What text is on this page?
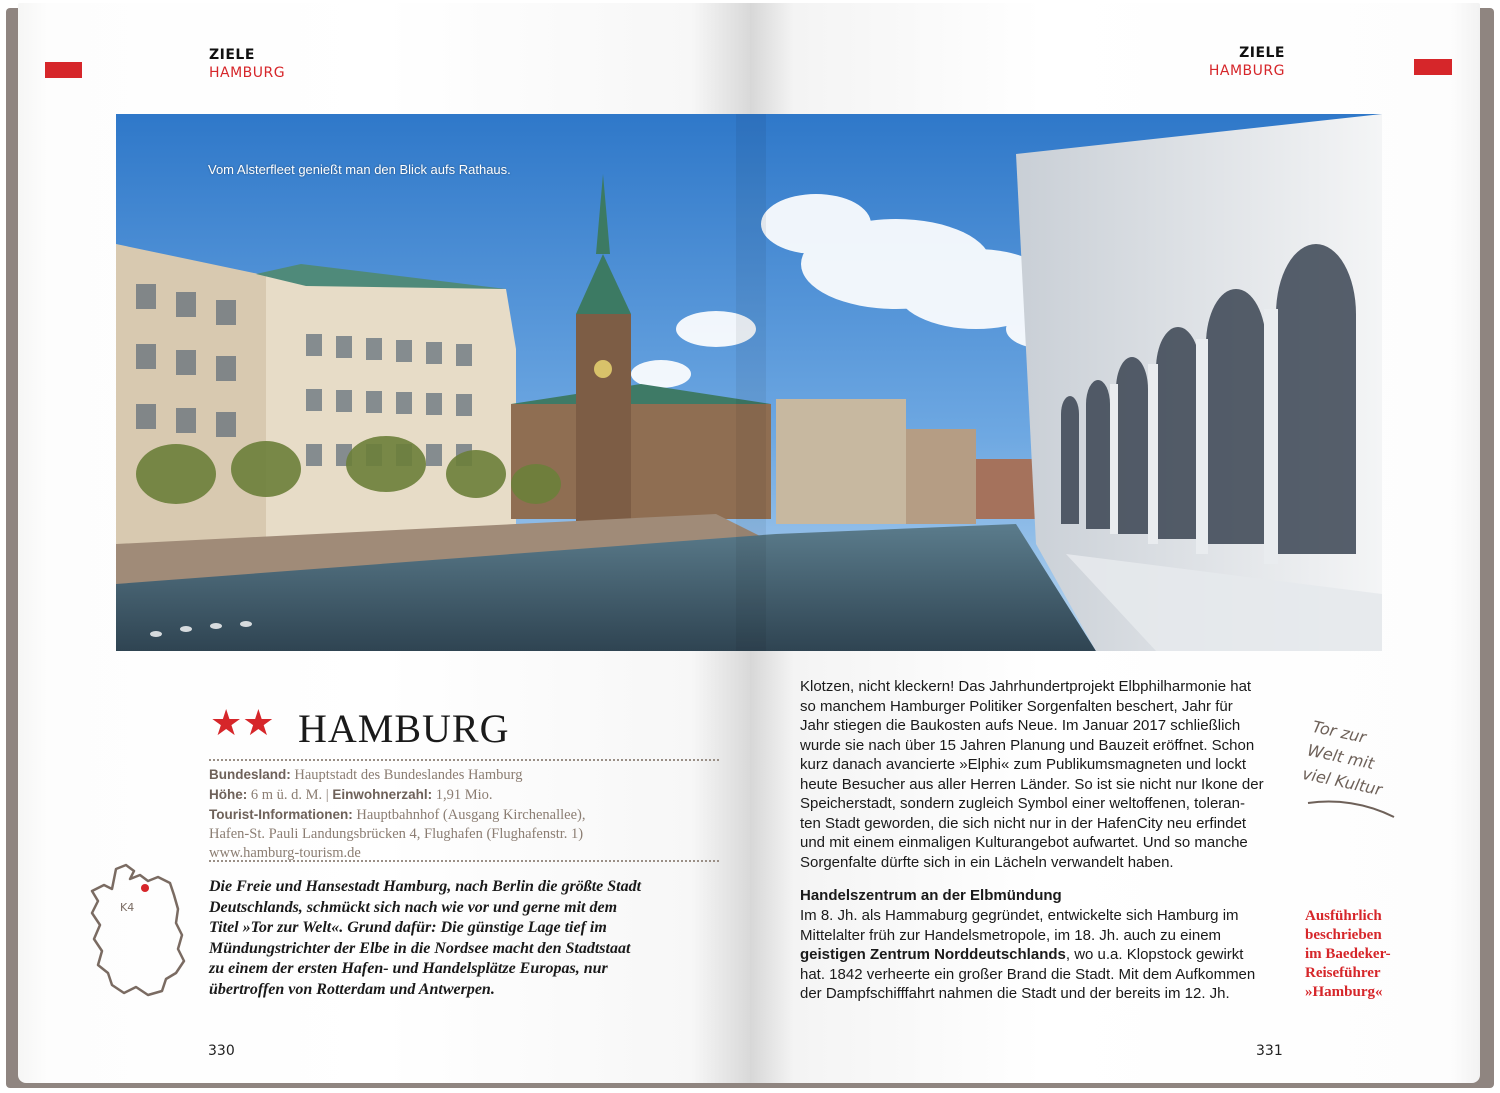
ZIELE
HAMBURG
★★ HAMBURG
Bundesland: Hauptstadt des Bundeslandes Hamburg
Höhe: 6 m ü. d. M. | Einwohnerzahl: 1,91 Mio.
Tourist-Informationen: Hauptbahnhof (Ausgang Kirchenallee),
Hafen-St. Pauli Landungsbrücken 4, Flughafen (Flughafenstr. 1)
www.hamburg-tourism.de
K4
Die Freie und Hansestadt Hamburg, nach Berlin die größte Stadt
Deutschlands, schmückt sich nach wie vor und gerne mit dem
Titel »Tor zur Welt«. Grund dafür: Die günstige Lage tief im
Mündungstrichter der Elbe in die Nordsee macht den Stadtstaat
zu einem der ersten Hafen- und Handelsplätze Europas, nur
übertroffen von Rotterdam und Antwerpen.
330
ZIELE
HAMBURG
Klotzen, nicht kleckern! Das Jahrhundertprojekt Elbphilharmonie hat
so manchem Hamburger Politiker Sorgenfalten beschert, Jahr für
Jahr stiegen die Baukosten aufs Neue. Im Januar 2017 schließlich
wurde sie nach über 15 Jahren Planung und Bauzeit eröffnet. Schon
kurz danach avancierte »Elphi« zum Publikumsmagneten und lockt
heute Besucher aus aller Herren Länder. So ist sie nicht nur Ikone der
Speicherstadt, sondern zugleich Symbol einer weltoffenen, toleran-
ten Stadt geworden, die sich nicht nur in der HafenCity neu erfindet
und mit einem einmaligen Kulturangebot aufwartet. Und so manche
Sorgenfalte dürfte sich in ein Lächeln verwandelt haben.
Handelszentrum an der Elbmündung
Im 8. Jh. als Hammaburg gegründet, entwickelte sich Hamburg im
Mittelalter früh zur Handelsmetropole, im 18. Jh. auch zu einem
geistigen Zentrum Norddeutschlands, wo u.a. Klopstock gewirkt
hat. 1842 verheerte ein großer Brand die Stadt. Mit dem Aufkommen
der Dampfschifffahrt nahmen die Stadt und der bereits im 12. Jh.
Tor zur
Welt mit
viel Kultur
Ausführlich
beschrieben
im Baedeker-
Reiseführer
»Hamburg«
331
Vom Alsterfleet genießt man den Blick aufs Rathaus.
